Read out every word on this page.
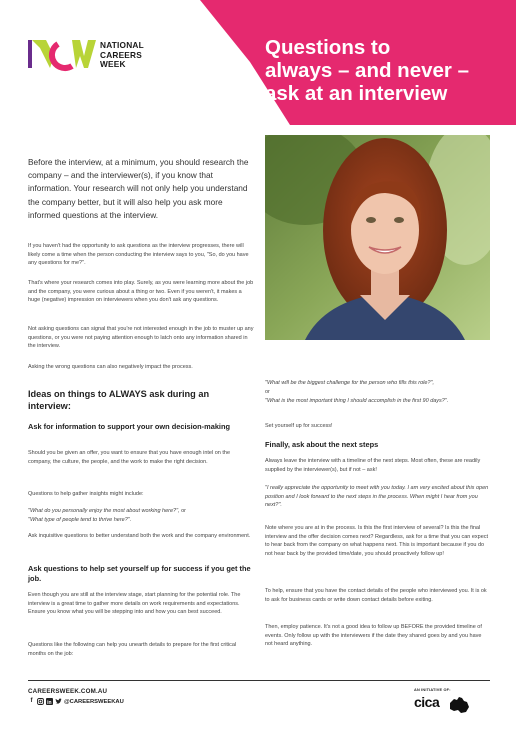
NATIONAL
CAREERS
WEEK
Questions to
always – and never –
ask at an interview

Before the interview, at a minimum, you should research the company – and the interviewer(s), if you know that information. Your research will not only help you understand the company better, but it will also help you ask more informed questions at the interview.

If you haven't had the opportunity to ask questions as the interview progresses, there will likely come a time when the person conducting the interview says to you, "So, do you have any questions for me?".

That's where your research comes into play. Surely, as you were learning more about the job and the company, you were curious about a thing or two. Even if you weren't, it makes a huge (negative) impression on interviewers when you don't ask any questions.

Not asking questions can signal that you're not interested enough in the job to muster up any questions, or you were not paying attention enough to latch onto any information shared in the interview.

Asking the wrong questions can also negatively impact the process.

Ideas on things to ALWAYS ask during an interview:
Ask for information to support your own decision-making

Should you be given an offer, you want to ensure that you have enough intel on the company, the culture, the people, and the work to make the right decision.

Questions to help gather insights might include:

"What do you personally enjoy the most about working here?", or

"What type of people tend to thrive here?".

Ask inquisitive questions to better understand both the work and the company environment.

Ask questions to help set yourself up for success if you get the job.

Even though you are still at the interview stage, start planning for the potential role. The interview is a great time to gather more details on work requirements and expectations. Ensure you know what you will be stepping into and how you can best succeed.

Questions like the following can help you unearth details to prepare for the first critical months on the job:

"What will be the biggest challenge for the person who fills this role?",

or

"What is the most important thing I should accomplish in the first 90 days?".

Set yourself up for success!

Finally, ask about the next steps

Always leave the interview with a timeline of the next steps. Most often, these are readily supplied by the interviewer(s), but if not – ask!

"I really appreciate the opportunity to meet with you today. I am very excited about this open position and I look forward to the next steps in the process. When might I hear from you next?".

Note where you are at in the process. Is this the first interview of several? Is this the final interview and the offer decision comes next? Regardless, ask for a time that you can expect to hear back from the company on what happens next. This is important because if you do not hear back by the provided time/date, you should proactively follow up!

To help, ensure that you have the contact details of the people who interviewed you. It is ok to ask for business cards or write down contact details before exiting.

Then, employ patience. It's not a good idea to follow up BEFORE the provided timeline of events. Only follow up with the interviewers if the date they shared goes by and you have not heard anything.

CAREERSWEEK.COM.AU
f	in @CAREERSWEEKAU
AN INITIATIVE OF:
cica
